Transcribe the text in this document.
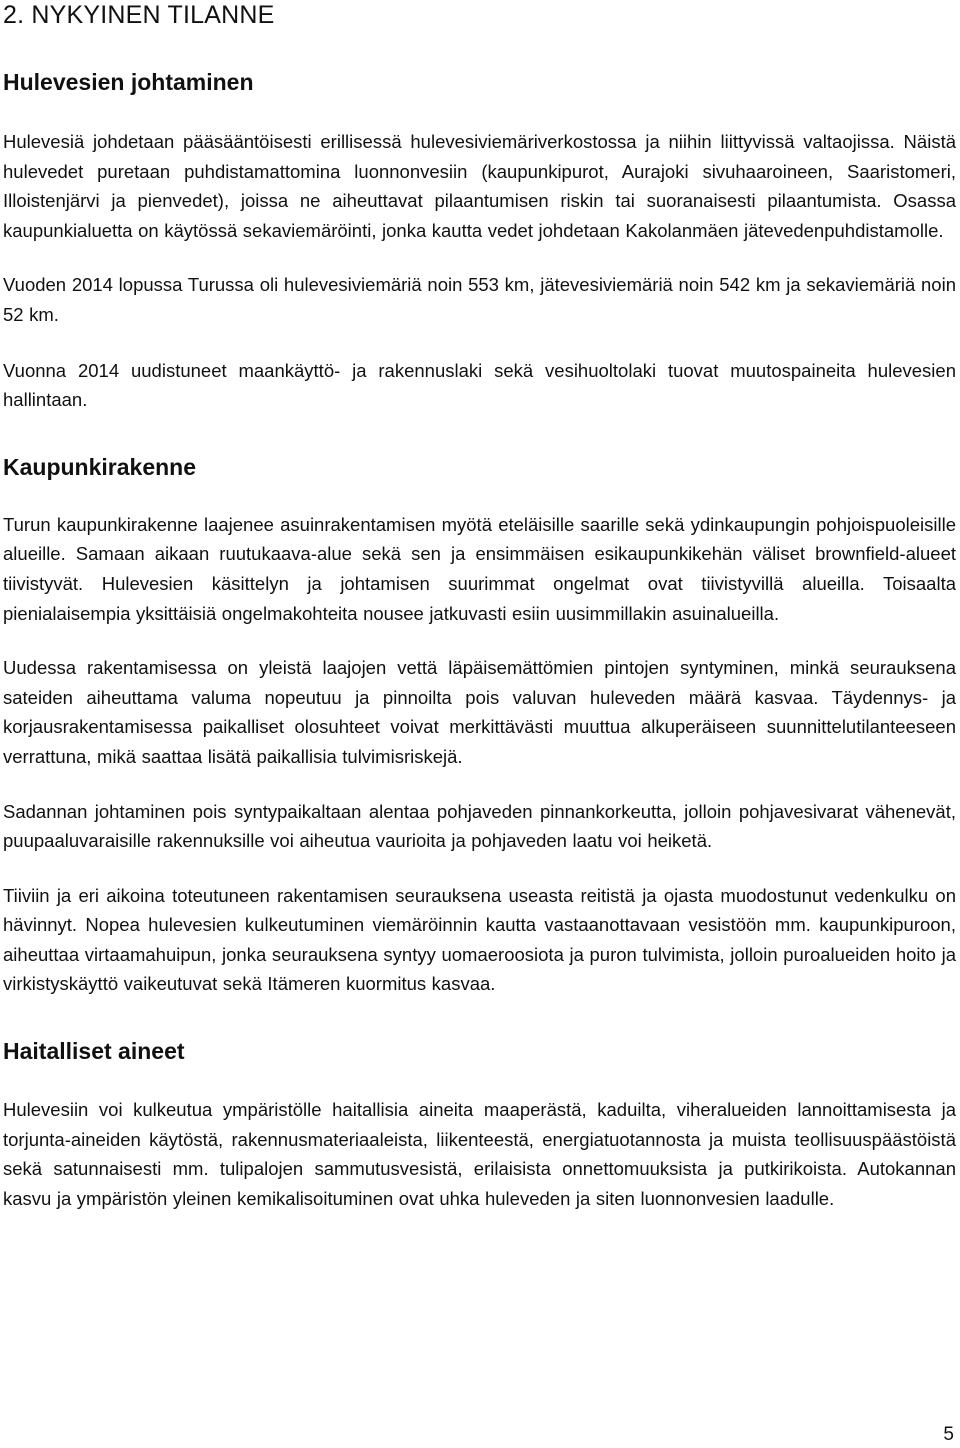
2. NYKYINEN TILANNE
Hulevesien johtaminen

Hulevesiä johdetaan pääsääntöisesti erillisessä hulevesiviemäriverkostossa ja niihin liittyvissä valtaojissa. Näistä hulevedet puretaan puhdistamattomina luonnonvesiin (kaupunkipurot, Aurajoki sivuhaaroineen, Saaristomeri, Illoistenjärvi ja pienvedet), joissa ne aiheuttavat pilaantumisen riskin tai suoranaisesti pilaantumista. Osassa kaupunkialuetta on käytössä sekaviemäröinti, jonka kautta vedet johdetaan Kakolanmäen jätevedenpuhdistamolle.

Vuoden 2014 lopussa Turussa oli hulevesiviemäriä noin 553 km, jätevesiviemäriä noin 542 km ja sekaviemäriä noin 52 km.

Vuonna 2014 uudistuneet maankäyttö- ja rakennuslaki sekä vesihuoltolaki tuovat muutospaineita hulevesien hallintaan.

Kaupunkirakenne

Turun kaupunkirakenne laajenee asuinrakentamisen myötä eteläisille saarille sekä ydinkaupungin pohjoispuoleisille alueille. Samaan aikaan ruutukaava-alue sekä sen ja ensimmäisen esikaupunkikehän väliset brownfield-alueet tiivistyvät. Hulevesien käsittelyn ja johtamisen suurimmat ongelmat ovat tiivistyvillä alueilla. Toisaalta pienialaisempia yksittäisiä ongelmakohteita nousee jatkuvasti esiin uusimmillakin asuinalueilla.

Uudessa rakentamisessa on yleistä laajojen vettä läpäisemättömien pintojen syntyminen, minkä seurauksena sateiden aiheuttama valuma nopeutuu ja pinnoilta pois valuvan huleveden määrä kasvaa. Täydennys- ja korjausrakentamisessa paikalliset olosuhteet voivat merkittävästi muuttua alkuperäiseen suunnittelutilanteeseen verrattuna, mikä saattaa lisätä paikallisia tulvimisriskejä.

Sadannan johtaminen pois syntypaikaltaan alentaa pohjaveden pinnankorkeutta, jolloin pohjavesivarat vähenevät, puupaaluvaraisille rakennuksille voi aiheutua vaurioita ja pohjaveden laatu voi heiketä.

Tiiviin ja eri aikoina toteutuneen rakentamisen seurauksena useasta reitistä ja ojasta muodostunut vedenkulku on hävinnyt. Nopea hulevesien kulkeutuminen viemäröinnin kautta vastaanottavaan vesistöön mm. kaupunkipuroon, aiheuttaa virtaamahuipun, jonka seurauksena syntyy uomaeroosiota ja puron tulvimista, jolloin puroalueiden hoito ja virkistyskäyttö vaikeutuvat sekä Itämeren kuormitus kasvaa.

Haitalliset aineet

Hulevesiin voi kulkeutua ympäristölle haitallisia aineita maaperästä, kaduilta, viheralueiden lannoittamisesta ja torjunta-aineiden käytöstä, rakennusmateriaaleista, liikenteestä, energiatuotannosta ja muista teollisuuspäästöistä sekä satunnaisesti mm. tulipalojen sammutusvesistä, erilaisista onnettomuuksista ja putkirikoista. Autokannan kasvu ja ympäristön yleinen kemikalisoituminen ovat uhka huleveden ja siten luonnonvesien laadulle.

5
